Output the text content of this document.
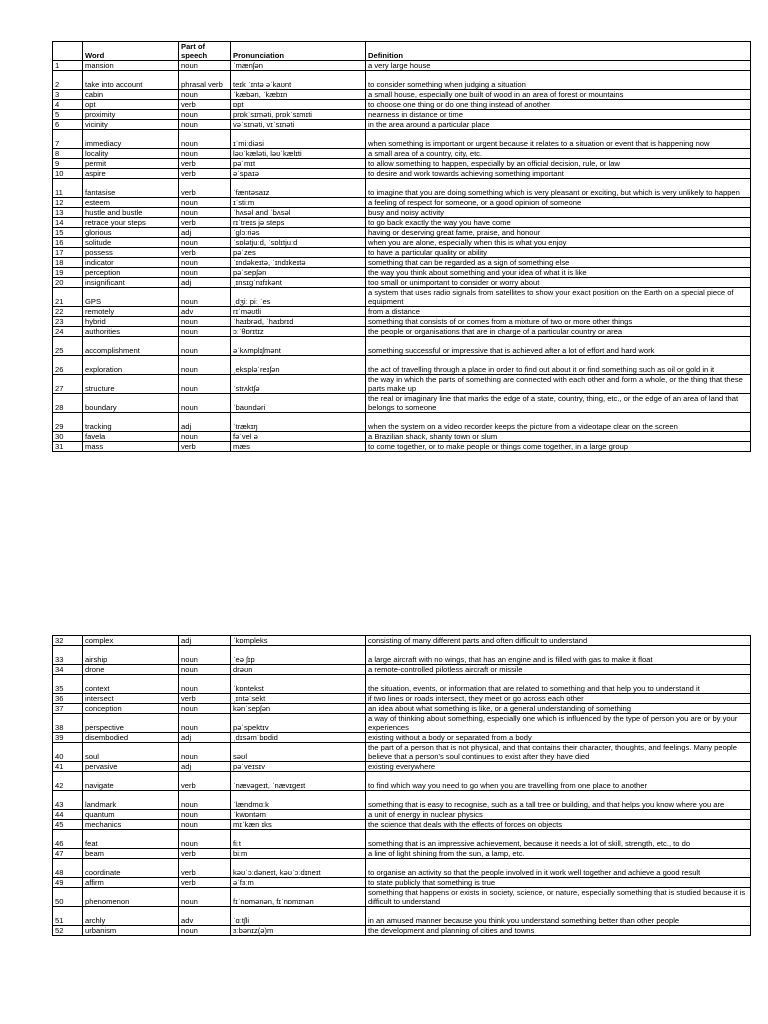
	Word	Part of speech	Pronunciation	Definition
1	mansion	noun	ˈmænʃən	a very large house
2	take into account	phrasal verb	teɪk ˈɪntə əˈkaʊnt	to consider something when judging a situation
3	cabin	noun	ˈkæbən, ˈkæbɪn	a small house, especially one built of wood in an area of forest or mountains
4	opt	verb	ɒpt	to choose one thing or do one thing instead of another
5	proximity	noun	prɒkˈsɪməti, prɒkˈsɪmɪti	nearness in distance or time
6	vicinity	noun	vəˈsɪnəti, vɪˈsɪnəti	in the area around a particular place
7	immediacy	noun	ɪˈmiːdiəsi	when something is important or urgent because it relates to a situation or event that is happening now
8	locality	noun	ləʊˈkæləti, ləʊˈkælɪti	a small area of a country, city, etc.
9	permit	verb	pəˈmɪt	to allow something to happen, especially by an official decision, rule, or law
10	aspire	verb	əˈspaɪə	to desire and work towards achieving something important
11	fantasise	verb	ˈfæntəsaɪz	to imagine that you are doing something which is very pleasant or exciting, but which is very unlikely to happen
12	esteem	noun	ɪˈstiːm	a feeling of respect for someone, or a good opinion of someone
13	hustle and bustle	noun	ˈhʌsəl and ˈbʌsəl	busy and noisy activity
14	retrace your steps	verb	rɪˈtreɪs jə steps	to go back exactly the way you have come
15	glorious	adj	ˈglɔːriəs	having or deserving great fame, praise, and honour
16	solitude	noun	ˈsɒlətjuːd, ˈsɒlɪtjuːd	when you are alone, especially when this is what you enjoy
17	possess	verb	pəˈzes	to have a particular quality or ability
18	indicator	noun	ˈɪndəkeɪtə, ˈɪndɪkeɪtə	something that can be regarded as a sign of something else
19	perception	noun	pəˈsepʃən	the way you think about something and your idea of what it is like
20	insignificant	adj	ˌɪnsɪgˈnɪfɪkənt	too small or unimportant to consider or worry about
21	GPS	noun	ˌdʒiː piː ˈes	a system that uses radio signals from satellites to show your exact position on the Earth on a special piece of equipment
22	remotely	adv	rɪˈməʊtli	from a distance
23	hybrid	noun	ˈhaɪbrəd, ˈhaɪbrɪd	something that consists of or comes from a mixture of two or more other things
24	authorities	noun	ɔːˈθɒrɪtɪz	the people or organisations that are in charge of a particular country or area
25	accomplishment	noun	əˈkʌmplɪʃmənt	something successful or impressive that is achieved after a lot of effort and hard work
26	exploration	noun	ˌekspləˈreɪʃən	the act of travelling through a place in order to find out about it or find something such as oil or gold in it
27	structure	noun	ˈstrʌktʃə	the way in which the parts of something are connected with each other and form a whole, or the thing that these parts make up
28	boundary	noun	ˈbaʊndəri	the real or imaginary line that marks the edge of a state, country, thing, etc., or the edge of an area of land that belongs to someone
29	tracking	adj	ˈtrækɪŋ	when the system on a video recorder keeps the picture from a videotape clear on the screen
30	favela	noun	fəˈvel ə	a Brazilian shack, shanty town or slum
31	mass	verb	mæs	to come together, or to make people or things come together, in a large group
32	complex	adj	ˈkɒmpleks	consisting of many different parts and often difficult to understand
33	airship	noun	ˈeə ʃɪp	a large aircraft with no wings, that has an engine and is filled with gas to make it float
34	drone	noun	drəʊn	a remote-controlled pilotless aircraft or missile
35	context	noun	ˈkɒntekst	the situation, events, or information that are related to something and that help you to understand it
36	intersect	verb	ˌɪntəˈsekt	if two lines or roads intersect, they meet or go across each other
37	conception	noun	kənˈsepʃən	an idea about what something is like, or a general understanding of something
38	perspective	noun	pəˈspektɪv	a way of thinking about something, especially one which is influenced by the type of person you are or by your experiences
39	disembodied	adj	ˌdɪsəmˈbɒdid	existing without a body or separated from a body
40	soul	noun	səʊl	the part of a person that is not physical, and that contains their character, thoughts, and feelings. Many people believe that a person's soul continues to exist after they have died
41	pervasive	adj	pəˈveɪsɪv	existing everywhere
42	navigate	verb	ˈnævəgeɪt, ˈnævɪgeɪt	to find which way you need to go when you are travelling from one place to another
43	landmark	noun	ˈlændmɑːk	something that is easy to recognise, such as a tall tree or building, and that helps you know where you are
44	quantum	noun	ˈkwɒntəm	a unit of energy in nuclear physics
45	mechanics	noun	mɪˈkæn ɪks	the science that deals with the effects of forces on objects
46	feat	noun	fiːt	something that is an impressive achievement, because it needs a lot of skill, strength, etc., to do
47	beam	verb	biːm	a line of light shining from the sun, a lamp, etc.
48	coordinate	verb	kəʊˈɔːdəneɪt, kəʊˈɔːdɪneɪt	to organise an activity so that the people involved in it work well together and achieve a good result
49	affirm	verb	əˈfɜːm	to state publicly that something is true
50	phenomenon	noun	fɪˈnɒmənən, fɪˈnɒmɪnən	something that happens or exists in society, science, or nature, especially something that is studied because it is difficult to understand
51	archly	adv	ˈɑːtʃli	in an amused manner because you think you understand something better than other people
52	urbanism	noun	ɜːbənɪz(ə)m	the development and planning of cities and towns
